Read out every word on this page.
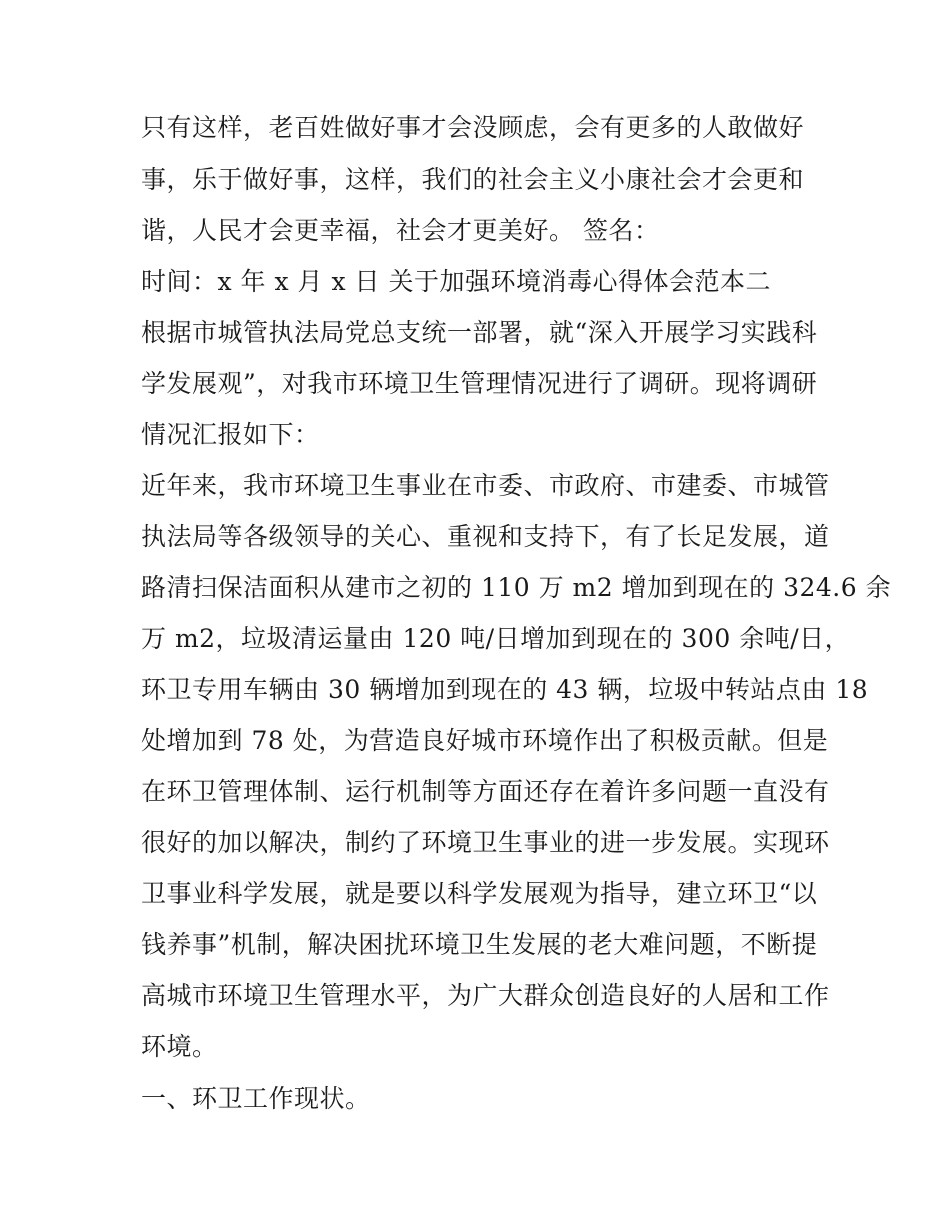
只有这样，老百姓做好事才会没顾虑，会有更多的人敢做好
事，乐于做好事，这样，我们的社会主义小康社会才会更和
谐，人民才会更幸福，社会才更美好。 签名：
时间：x 年 x 月 x 日 关于加强环境消毒心得体会范本二
根据市城管执法局党总支统一部署，就“深入开展学习实践科
学发展观”，对我市环境卫生管理情况进行了调研。现将调研
情况汇报如下：
近年来，我市环境卫生事业在市委、市政府、市建委、市城管
执法局等各级领导的关心、重视和支持下，有了长足发展，道
路清扫保洁面积从建市之初的 110 万 m2 增加到现在的 324.6 余
万 m2，垃圾清运量由 120 吨/日增加到现在的 300 余吨/日，
环卫专用车辆由 30 辆增加到现在的 43 辆，垃圾中转站点由 18
处增加到 78 处，为营造良好城市环境作出了积极贡献。但是
在环卫管理体制、运行机制等方面还存在着许多问题一直没有
很好的加以解决，制约了环境卫生事业的进一步发展。实现环
卫事业科学发展，就是要以科学发展观为指导，建立环卫“以
钱养事”机制，解决困扰环境卫生发展的老大难问题，不断提
高城市环境卫生管理水平，为广大群众创造良好的人居和工作
环境。
一、环卫工作现状。
